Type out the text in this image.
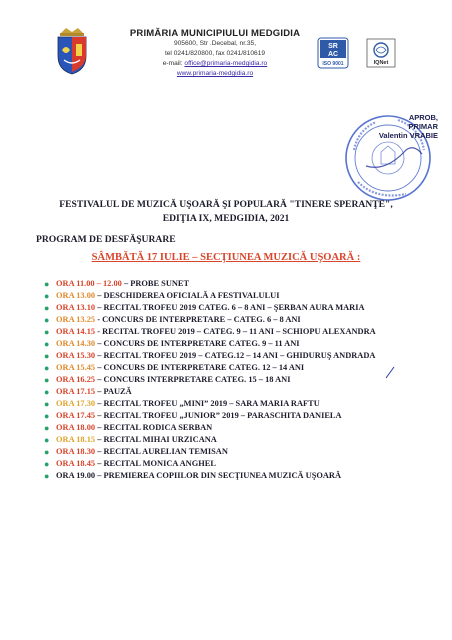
PRIMĂRIA MUNICIPIULUI MEDGIDIA
905600, Str .Decebal, nr.35,
tel 0241/820800, fax 0241/810619
e-mail: office@primaria-medgidia.ro
www.primaria-medgidia.ro
SR
AC
ISO 9001	IQNet
APROB,
PRIMAR
Valentin VRABIE
FESTIVALUL DE MUZICĂ UŞOARĂ ŞI POPULARĂ "TINERE SPERANŢE",
EDIŢIA IX, MEDGIDIA, 2021
PROGRAM DE DESFĂŞURARE
SÂMBĂTĂ 17 IULIE – SECŢIUNEA MUZICĂ UŞOARĂ :
● ORA 11.00 – 12.00 – PROBE SUNET
● ORA 13.00 – DESCHIDEREA OFICIALĂ A FESTIVALULUI
● ORA 13.10 – RECITAL TROFEU 2019 CATEG. 6 – 8 ANI – ŞERBAN AURA MARIA
● ORA 13.25 - CONCURS DE INTERPRETARE – CATEG. 6 – 8 ANI
● ORA 14.15 - RECITAL TROFEU 2019 – CATEG. 9 – 11 ANI – SCHIOPU ALEXANDRA
● ORA 14.30 – CONCURS DE INTERPRETARE CATEG. 9 – 11 ANI
● ORA 15.30 – RECITAL TROFEU 2019 – CATEG.12 – 14 ANI – GHIDURUŞ ANDRADA
● ORA 15.45 – CONCURS DE INTERPRETARE CATEG. 12 – 14 ANI
● ORA 16.25 – CONCURS INTERPRETARE CATEG. 15 – 18 ANI
● ORA 17.15 – PAUZĂ
● ORA 17.30 – RECITAL TROFEU „MINI” 2019 – SARA MARIA RAFTU
● ORA 17.45 – RECITAL TROFEU „JUNIOR” 2019 – PARASCHITA DANIELA
● ORA 18.00 – RECITAL RODICA SERBAN
● ORA 18.15 – RECITAL MIHAI URZICANA
● ORA 18.30 – RECITAL AURELIAN TEMISAN
● ORA 18.45 – RECITAL MONICA ANGHEL
● ORA 19.00 – PREMIEREA COPIILOR DIN SECŢIUNEA MUZICĂ UŞOARĂ
